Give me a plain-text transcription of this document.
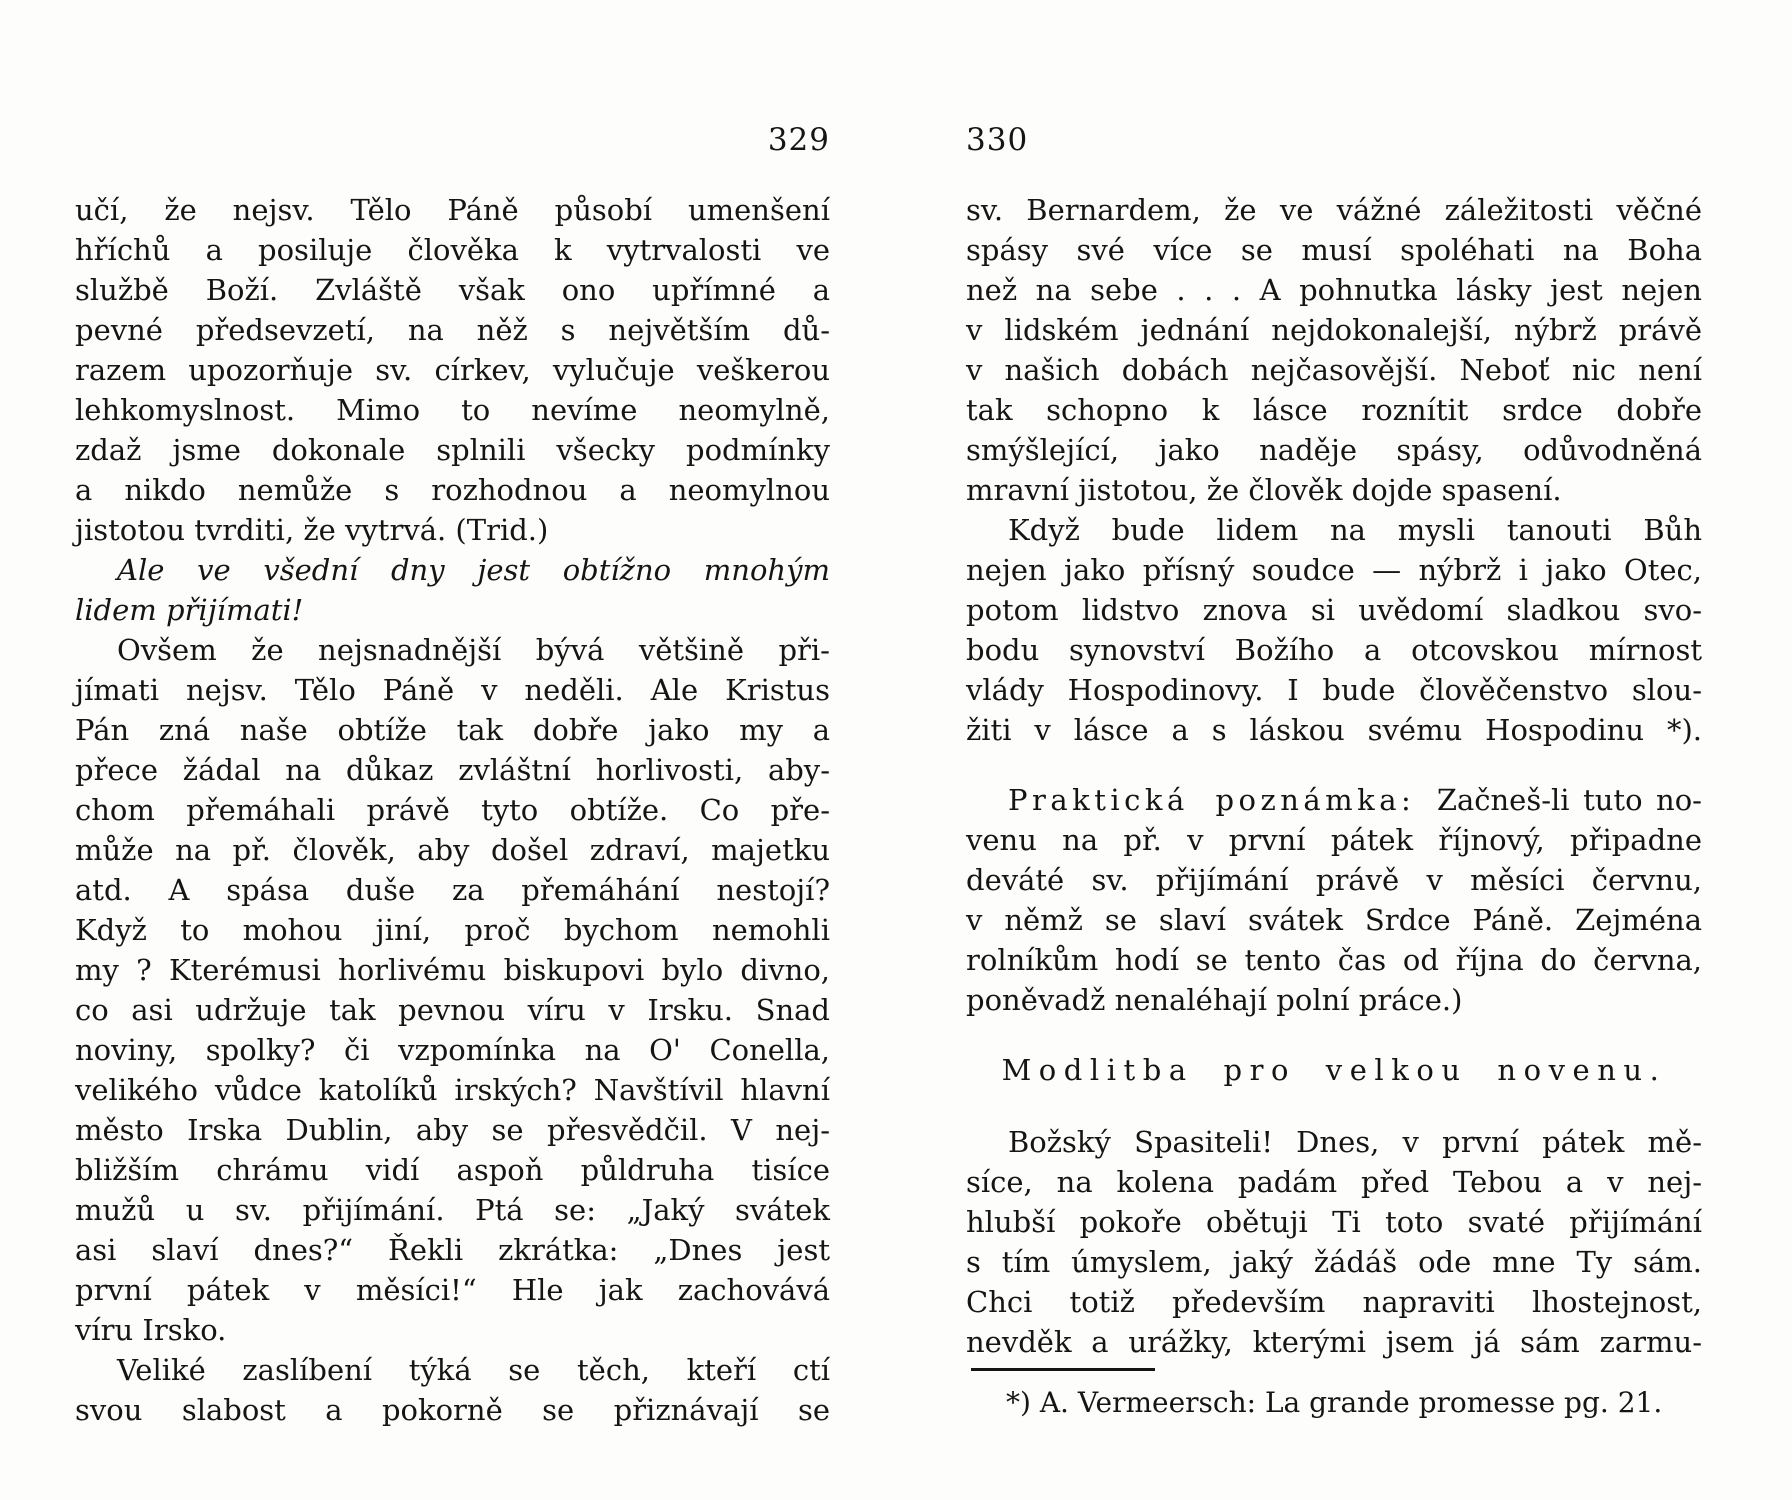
329	330
učí, že nejsv. Tělo Páně působí umenšení
hříchů a posiluje člověka k vytrvalosti ve
službě Boží. Zvláště však ono upřímné a
pevné předsevzetí, na něž s největším dů-
razem upozorňuje sv. církev, vylučuje veškerou
lehkomyslnost. Mimo to nevíme neomylně,
zdaž jsme dokonale splnili všecky podmínky
a nikdo nemůže s rozhodnou a neomylnou
jistotou tvrditi, že vytrvá. (Trid.)
Ale ve všední dny jest obtížno mnohým
lidem přijímati!
Ovšem že nejsnadnější bývá většině při-
jímati nejsv. Tělo Páně v neděli. Ale Kristus
Pán zná naše obtíže tak dobře jako my a
přece žádal na důkaz zvláštní horlivosti, aby-
chom přemáhali právě tyto obtíže. Co pře-
může na př. člověk, aby došel zdraví, majetku
atd. A spása duše za přemáhání nestojí?
Když to mohou jiní, proč bychom nemohli
my ? Kterémusi horlivému biskupovi bylo divno,
co asi udržuje tak pevnou víru v Irsku. Snad
noviny, spolky? či vzpomínka na O' Conella,
velikého vůdce katolíků irských? Navštívil hlavní
město Irska Dublin, aby se přesvědčil. V nej-
bližším chrámu vidí aspoň půldruha tisíce
mužů u sv. přijímání. Ptá se: „Jaký svátek
asi slaví dnes?“ Řekli zkrátka: „Dnes jest
první pátek v měsíci!“ Hle jak zachovává
víru Irsko.
Veliké zaslíbení týká se těch, kteří ctí
svou slabost a pokorně se přiznávají se
sv. Bernardem, že ve vážné záležitosti věčné
spásy své více se musí spoléhati na Boha
než na sebe . . . A pohnutka lásky jest nejen
v lidském jednání nejdokonalejší, nýbrž právě
v našich dobách nejčasovější. Neboť nic není
tak schopno k lásce roznítit srdce dobře
smýšlející, jako naděje spásy, odůvodněná
mravní jistotou, že člověk dojde spasení.
Když bude lidem na mysli tanouti Bůh
nejen jako přísný soudce — nýbrž i jako Otec,
potom lidstvo znova si uvědomí sladkou svo-
bodu synovství Božího a otcovskou mírnost
vlády Hospodinovy. I bude člověčenstvo slou-
žiti v lásce a s láskou svému Hospodinu *).
Praktická poznámka: Začneš-li tuto no-
venu na př. v první pátek říjnový, připadne
deváté sv. přijímání právě v měsíci červnu,
v němž se slaví svátek Srdce Páně. Zejména
rolníkům hodí se tento čas od října do června,
poněvadž nenaléhají polní práce.)
Modlitba pro velkou novenu.
Božský Spasiteli! Dnes, v první pátek mě-
síce, na kolena padám před Tebou a v nej-
hlubší pokoře obětuji Ti toto svaté přijímání
s tím úmyslem, jaký žádáš ode mne Ty sám.
Chci totiž především napraviti lhostejnost,
nevděk a urážky, kterými jsem já sám zarmu-
*) A. Vermeersch: La grande promesse pg. 21.
